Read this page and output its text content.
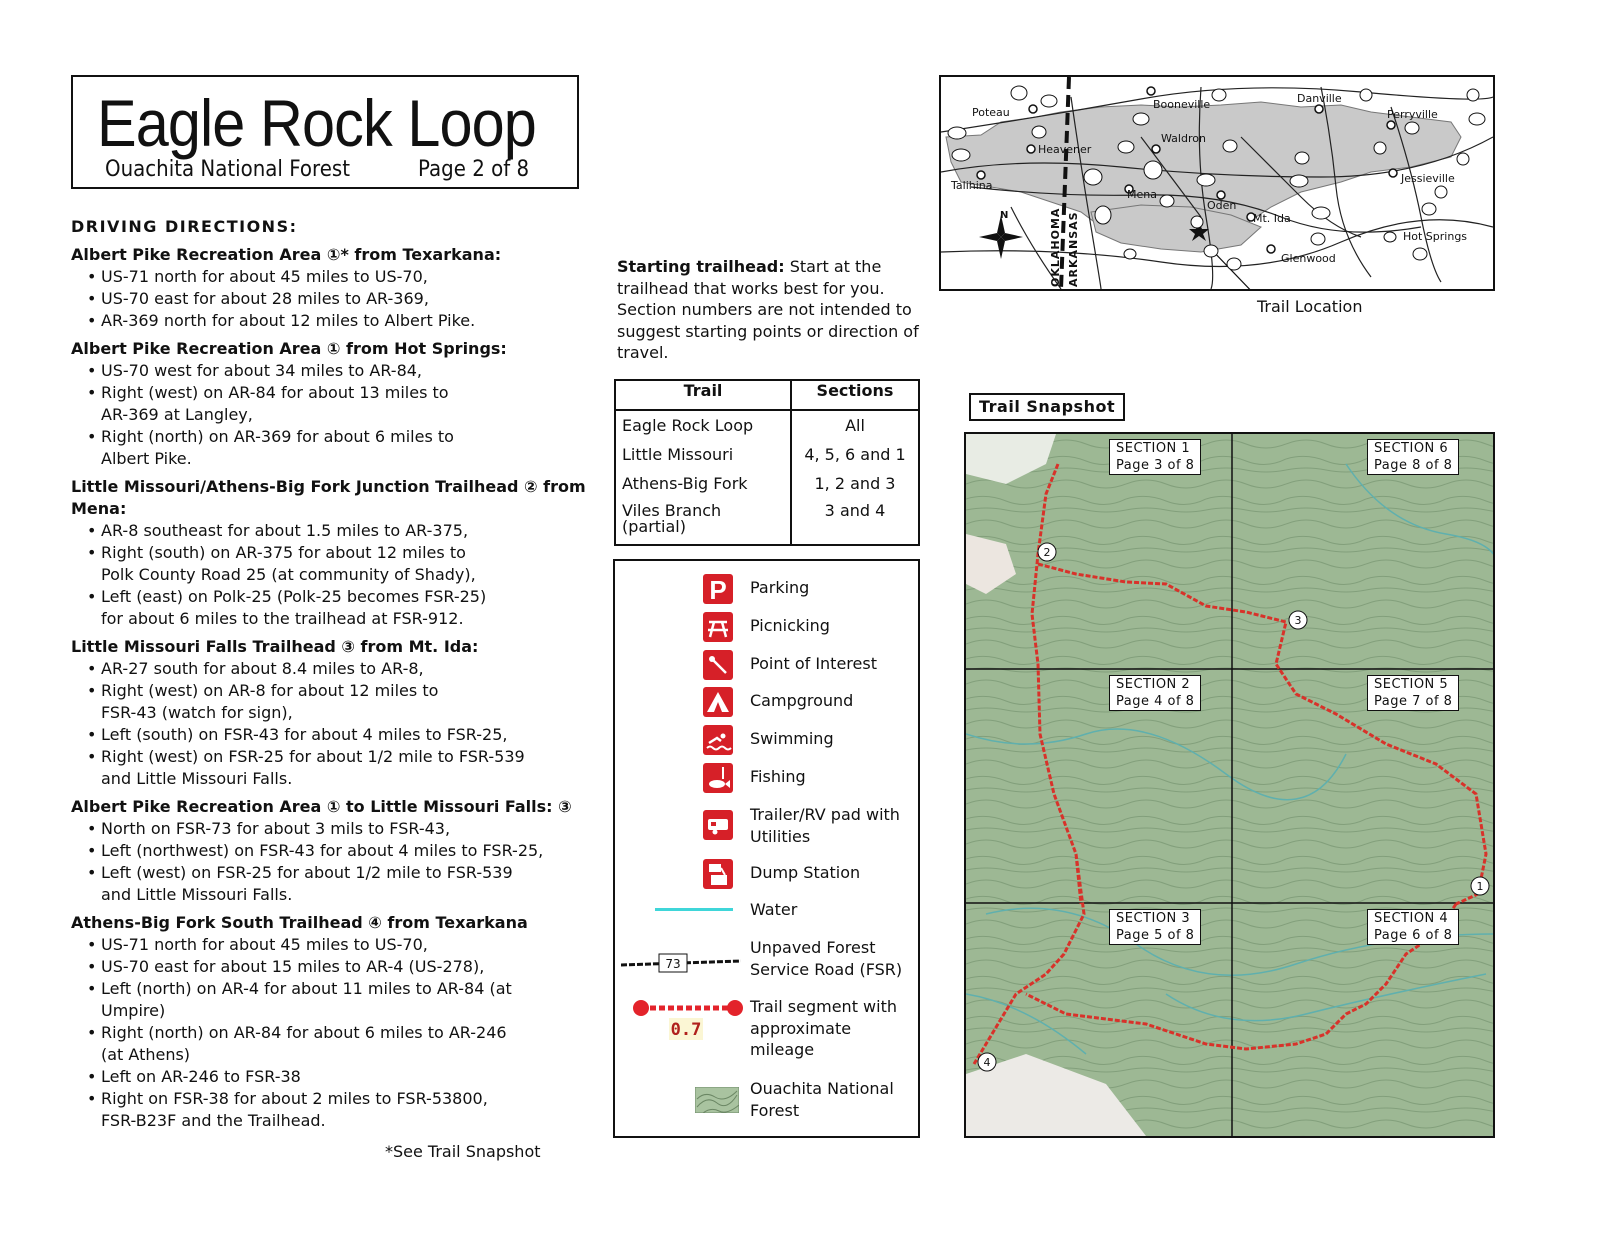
Eagle Rock Loop
Ouachita National Forest	Page 2 of 8
DRIVING DIRECTIONS:
Albert Pike Recreation Area ①* from Texarkana:
• US-71 north for about 45 miles to US-70,
• US-70 east for about 28 miles to AR-369,
• AR-369 north for about 12 miles to Albert Pike.
Albert Pike Recreation Area ① from Hot Springs:
• US-70 west for about 34 miles to AR-84,
• Right (west) on AR-84 for about 13 miles to
AR-369 at Langley,
• Right (north) on AR-369 for about 6 miles to
Albert Pike.
Little Missouri/Athens-Big Fork Junction Trailhead ② from Mena:
• AR-8 southeast for about 1.5 miles to AR-375,
• Right (south) on AR-375 for about 12 miles to
Polk County Road 25 (at community of Shady),
• Left (east) on Polk-25 (Polk-25 becomes FSR-25)
for about 6 miles to the trailhead at FSR-912.
Little Missouri Falls Trailhead ③ from Mt. Ida:
• AR-27 south for about 8.4 miles to AR-8,
• Right (west) on AR-8 for about 12 miles to
FSR-43 (watch for sign),
• Left (south) on FSR-43 for about 4 miles to FSR-25,
• Right (west) on FSR-25 for about 1/2 mile to FSR-539
and Little Missouri Falls.
Albert Pike Recreation Area ① to Little Missouri Falls: ③
• North on FSR-73 for about 3 mils to FSR-43,
• Left (northwest) on FSR-43 for about 4 miles to FSR-25,
• Left (west) on FSR-25 for about 1/2 mile to FSR-539
and Little Missouri Falls.
Athens-Big Fork South Trailhead ④ from Texarkana
• US-71 north for about 45 miles to US-70,
• US-70 east for about 15 miles to AR-4 (US-278),
• Left (north) on AR-4 for about 11 miles to AR-84 (at
Umpire)
• Right (north) on AR-84 for about 6 miles to AR-246
(at Athens)
• Left on AR-246 to FSR-38
• Right on FSR-38 for about 2 miles to FSR-53800,
FSR-B23F and the Trailhead.
*See Trail Snapshot
Starting trailhead: Start at the trailhead that works best for you. Section numbers are not intended to suggest starting points or direction of travel.
Trail	Sections
Eagle Rock Loop	All
Little Missouri	4, 5, 6 and 1
Athens-Big Fork	1, 2 and 3
Viles Branch
(partial)	3 and 4
P Parking
Picnicking
Point of Interest
Campground
Swimming
Fishing
Trailer/RV pad with
Utilities
Dump Station
Water
73
Unpaved Forest
Service Road (FSR)
0.7
Trail segment with
approximate
mileage
Ouachita National
Forest
Poteau
Booneville	Danville
Perryville
Waldron
Heavener
Talihina
Mena
Oden
Mt. Ida
Jessieville
Hot Springs
Glenwood
N	OKLAHOMA ARKANSAS
Trail Location
Trail Snapshot
1
2
3
4
SECTION 1
Page 3 of 8
SECTION 6
Page 8 of 8
SECTION 2
Page 4 of 8
SECTION 5
Page 7 of 8
SECTION 3
Page 5 of 8
SECTION 4
Page 6 of 8
